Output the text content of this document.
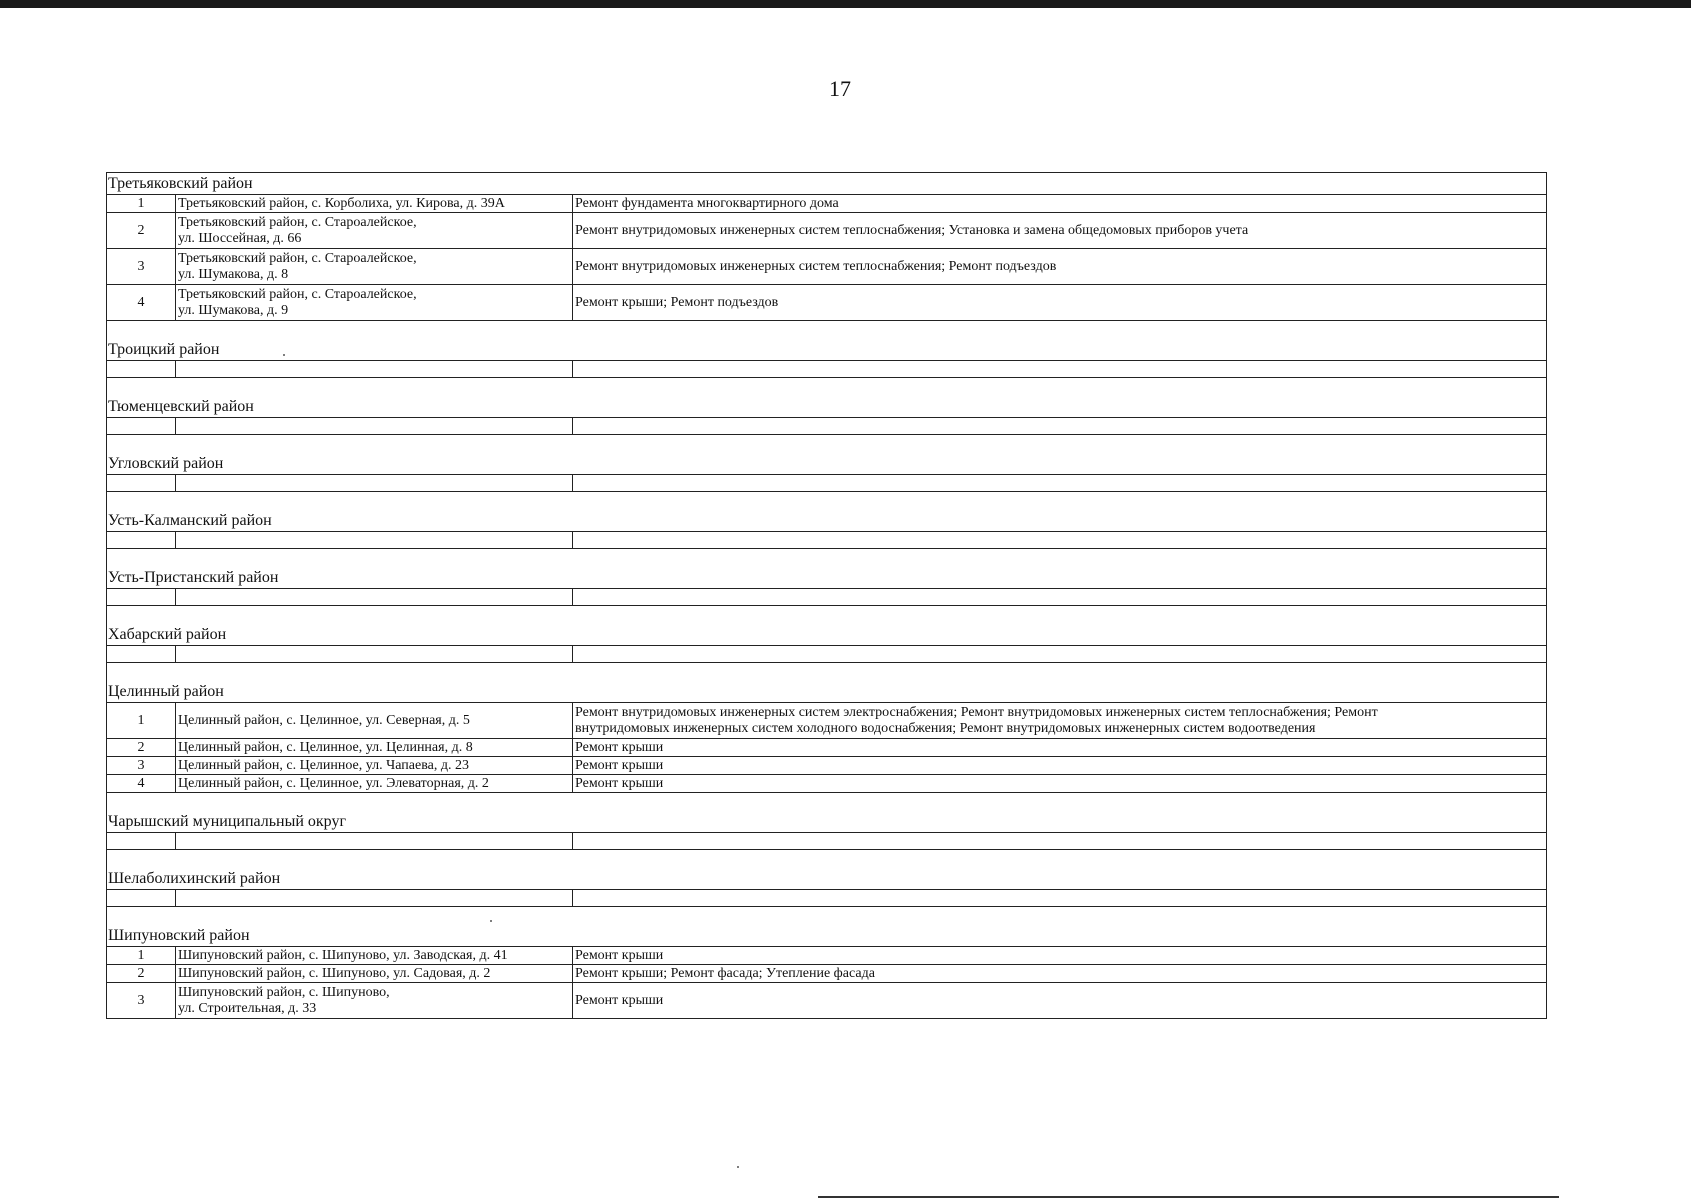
17
Третьяковский район		
1	Третьяковский район, с. Корболиха, ул. Кирова, д. 39А	Ремонт фундамента многоквартирного дома

2	Третьяковский район, с. Староалейское,
ул. Шоссейная, д. 66	Ремонт внутридомовых инженерных систем теплоснабжения; Установка и замена общедомовых приборов учета

3	Третьяковский район, с. Староалейское,
ул. Шумакова, д. 8	Ремонт внутридомовых инженерных систем теплоснабжения; Ремонт подъездов

4	Третьяковский район, с. Староалейское,
ул. Шумакова, д. 9	Ремонт крыши; Ремонт подъездов

Троицкий район		

Тюменцевский район		

Угловский район		

Усть-Калманский район		

Усть-Пристанский район		

Хабарский район		

Целинный район		
1	Целинный район, с. Целинное, ул. Северная, д. 5	Ремонт внутридомовых инженерных систем электроснабжения; Ремонт внутридомовых инженерных систем теплоснабжения; Ремонт
внутридомовых инженерных систем холодного водоснабжения; Ремонт внутридомовых инженерных систем водоотведения

2	Целинный район, с. Целинное, ул. Целинная, д. 8	Ремонт крыши

3	Целинный район, с. Целинное, ул. Чапаева, д. 23	Ремонт крыши

4	Целинный район, с. Целинное, ул. Элеваторная, д. 2	Ремонт крыши

Чарышский муниципальный округ		

Шелаболихинский район		

Шипуновский район		
1	Шипуновский район, с. Шипуново, ул. Заводская, д. 41	Ремонт крыши

2	Шипуновский район, с. Шипуново, ул. Садовая, д. 2	Ремонт крыши; Ремонт фасада; Утепление фасада

3	Шипуновский район, с. Шипуново,
ул. Строительная, д. 33	Ремонт крыши
